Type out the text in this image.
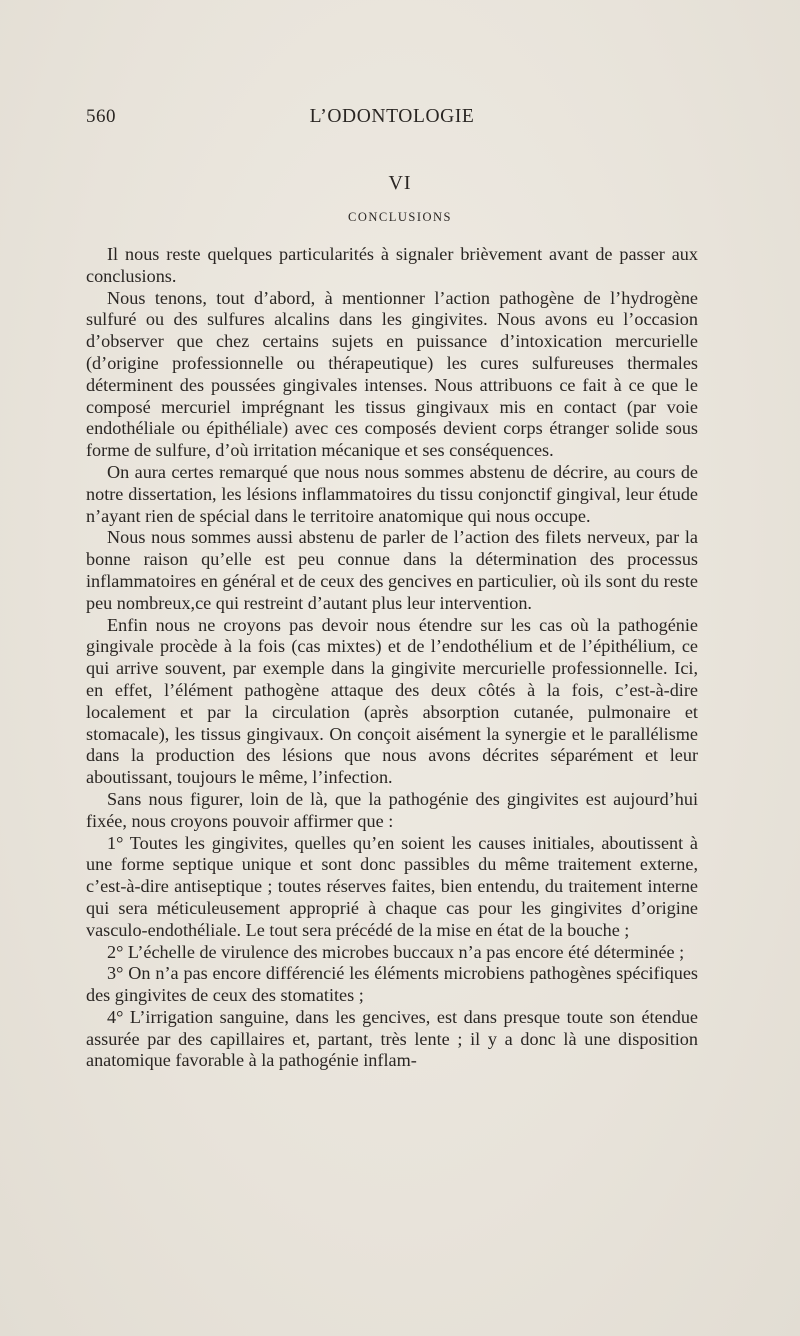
560	L’ODONTOLOGIE
VI
CONCLUSIONS

Il nous reste quelques particularités à signaler brièvement avant de passer aux conclusions.

Nous tenons, tout d’abord, à mentionner l’action pathogène de l’hydrogène sulfuré ou des sulfures alcalins dans les gingivites. Nous avons eu l’occasion d’observer que chez certains sujets en puissance d’intoxication mercurielle (d’origine professionnelle ou thérapeutique) les cures sulfureuses thermales déterminent des poussées gingivales intenses. Nous attribuons ce fait à ce que le composé mercuriel imprégnant les tissus gingivaux mis en contact (par voie endothéliale ou épithéliale) avec ces composés devient corps étranger solide sous forme de sulfure, d’où irritation mécanique et ses conséquences.

On aura certes remarqué que nous nous sommes abstenu de décrire, au cours de notre dissertation, les lésions inflammatoires du tissu conjonctif gingival, leur étude n’ayant rien de spécial dans le territoire anatomique qui nous occupe.

Nous nous sommes aussi abstenu de parler de l’action des filets nerveux, par la bonne raison qu’elle est peu connue dans la détermination des processus inflammatoires en général et de ceux des gencives en particulier, où ils sont du reste peu nombreux,ce qui restreint d’autant plus leur intervention.

Enfin nous ne croyons pas devoir nous étendre sur les cas où la pathogénie gingivale procède à la fois (cas mixtes) et de l’endothélium et de l’épithélium, ce qui arrive souvent, par exemple dans la gingivite mercurielle professionnelle. Ici, en effet, l’élément pathogène attaque des deux côtés à la fois, c’est-à-dire localement et par la circulation (après absorption cutanée, pulmonaire et stomacale), les tissus gingivaux. On conçoit aisément la synergie et le parallélisme dans la production des lésions que nous avons décrites séparément et leur aboutissant, toujours le même, l’infection.

Sans nous figurer, loin de là, que la pathogénie des gingivites est aujourd’hui fixée, nous croyons pouvoir affirmer que :

1° Toutes les gingivites, quelles qu’en soient les causes initiales, aboutissent à une forme septique unique et sont donc passibles du même traitement externe, c’est-à-dire antiseptique ; toutes réserves faites, bien entendu, du traitement interne qui sera méticuleusement approprié à chaque cas pour les gingivites d’origine vasculo-endothéliale. Le tout sera précédé de la mise en état de la bouche ;

2° L’échelle de virulence des microbes buccaux n’a pas encore été déterminée ;

3° On n’a pas encore différencié les éléments microbiens pathogènes spécifiques des gingivites de ceux des stomatites ;

4° L’irrigation sanguine, dans les gencives, est dans presque toute son étendue assurée par des capillaires et, partant, très lente ; il y a donc là une disposition anatomique favorable à la pathogénie inflam-
